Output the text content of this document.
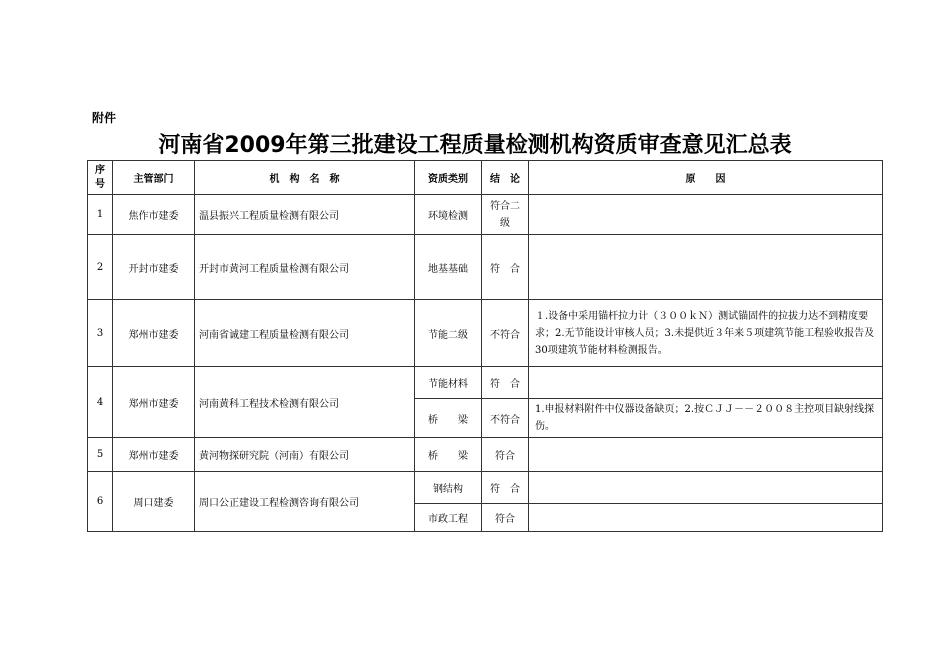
附件
河南省2009年第三批建设工程质量检测机构资质审查意见汇总表
序号	主管部门	机　构　名　称	资质类别	结　论	原　　因
1	焦作市建委	温县振兴工程质量检测有限公司	环境检测	符合二级	
2	开封市建委	开封市黄河工程质量检测有限公司	地基基础	符　合	
3	郑州市建委	河南省诚建工程质量检测有限公司	节能二级	不符合	１.设备中采用锚杆拉力计（３００ｋＮ）测试锚固件的拉拔力达不到精度要求；2.无节能设计审核人员；3.未提供近３年来５项建筑节能工程验收报告及30项建筑节能材料检测报告。
4	郑州市建委	河南黄科工程技术检测有限公司	节能材料	符　合	
			桥　　梁	不符合	1.申报材料附件中仪器设备缺页；2.按ＣＪＪ－－２００８主控项目缺射线探伤。
5	郑州市建委	黄河物探研究院（河南）有限公司	桥　　梁	符合	
6	周口建委	周口公正建设工程检测咨询有限公司	钢结构	符　合	
			市政工程	符合	
